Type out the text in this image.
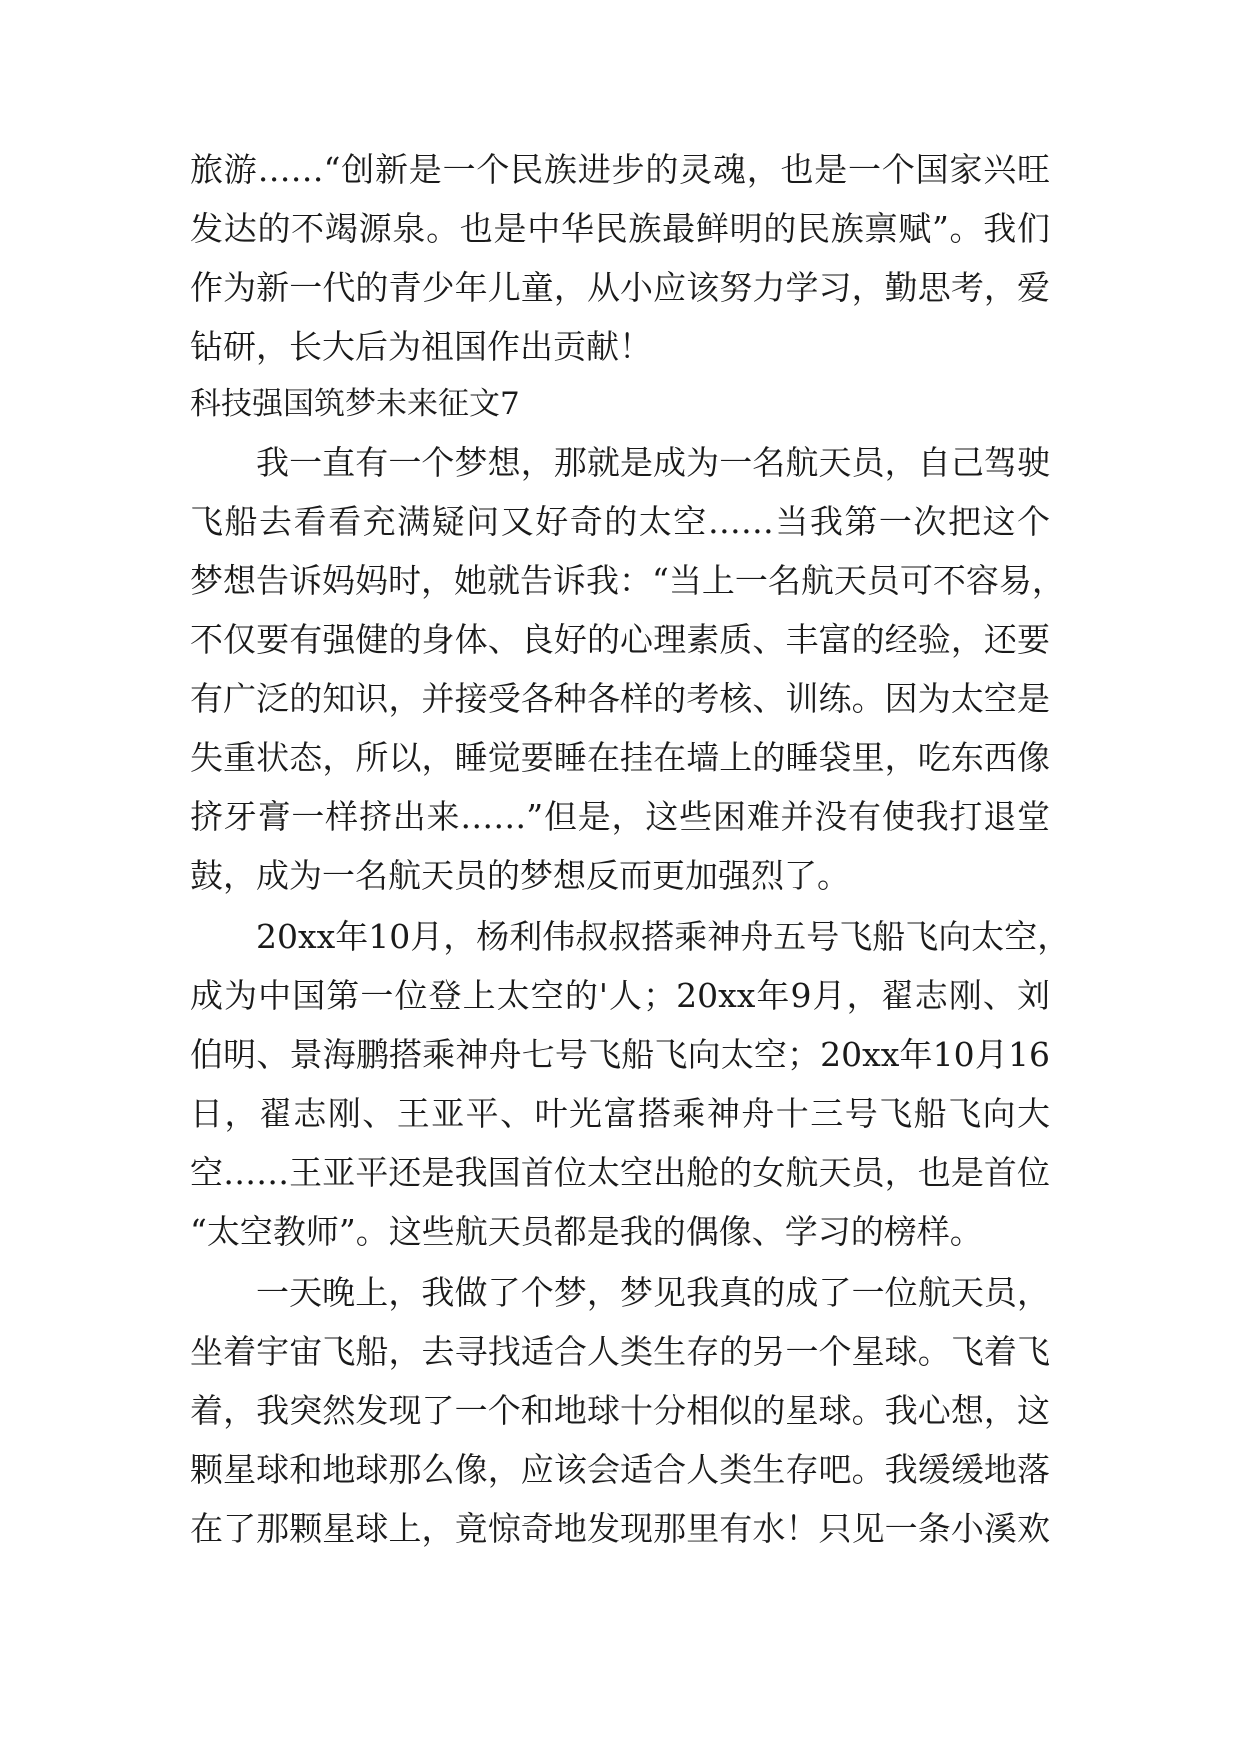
旅游……“创新是一个民族进步的灵魂，也是一个国家兴旺
发达的不竭源泉。也是中华民族最鲜明的民族禀赋”。我们
作为新一代的青少年儿童，从小应该努力学习，勤思考，爱
钻研，长大后为祖国作出贡献！
科技强国筑梦未来征文7
我一直有一个梦想，那就是成为一名航天员，自己驾驶
飞船去看看充满疑问又好奇的太空……当我第一次把这个
梦想告诉妈妈时，她就告诉我：“当上一名航天员可不容易，
不仅要有强健的身体、良好的心理素质、丰富的经验，还要
有广泛的知识，并接受各种各样的考核、训练。因为太空是
失重状态，所以，睡觉要睡在挂在墙上的睡袋里，吃东西像
挤牙膏一样挤出来……”但是，这些困难并没有使我打退堂
鼓，成为一名航天员的梦想反而更加强烈了。
20xx年10月，杨利伟叔叔搭乘神舟五号飞船飞向太空，
成为中国第一位登上太空的'人；20xx年9月，翟志刚、刘
伯明、景海鹏搭乘神舟七号飞船飞向太空；20xx年10月16
日，翟志刚、王亚平、叶光富搭乘神舟十三号飞船飞向大
空……王亚平还是我国首位太空出舱的女航天员，也是首位
“太空教师”。这些航天员都是我的偶像、学习的榜样。
一天晚上，我做了个梦，梦见我真的成了一位航天员，
坐着宇宙飞船，去寻找适合人类生存的另一个星球。飞着飞
着，我突然发现了一个和地球十分相似的星球。我心想，这
颗星球和地球那么像，应该会适合人类生存吧。我缓缓地落
在了那颗星球上，竟惊奇地发现那里有水！只见一条小溪欢
